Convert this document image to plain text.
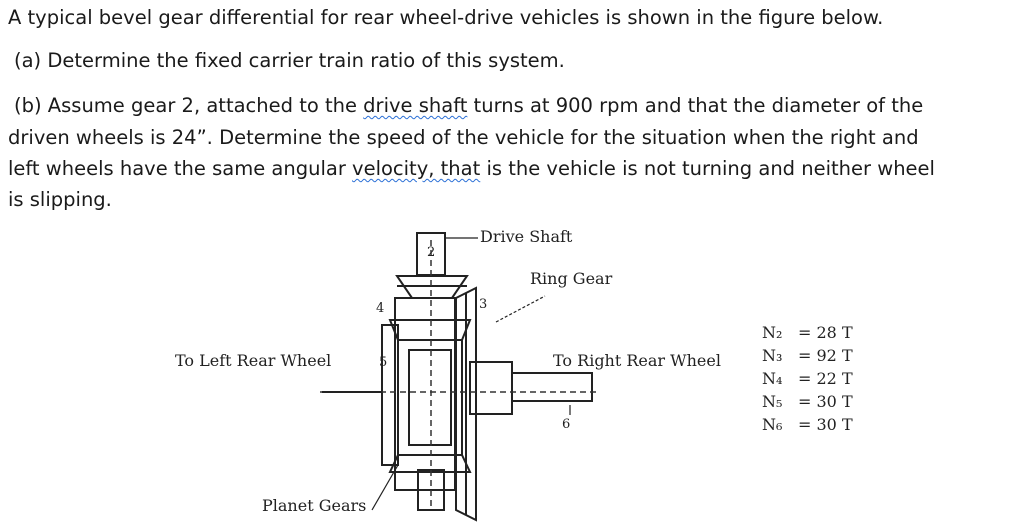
A typical bevel gear differential for rear wheel-drive vehicles is shown in the figure below.

(a) Determine the fixed carrier train ratio of this system.

(b) Assume gear 2, attached to the drive shaft turns at 900 rpm and that the diameter of the

driven wheels is 24”. Determine the speed of the vehicle for the situation when the right and

left wheels have the same angular velocity, that is the vehicle is not turning and neither wheel

is slipping.

2
3
4
5
6
Drive Shaft
Ring Gear
To Left Rear Wheel	To Right Rear Wheel
Planet Gears
N₂ = 28 T
N₃ = 92 T
N₄ = 22 T
N₅ = 30 T
N₆ = 30 T
